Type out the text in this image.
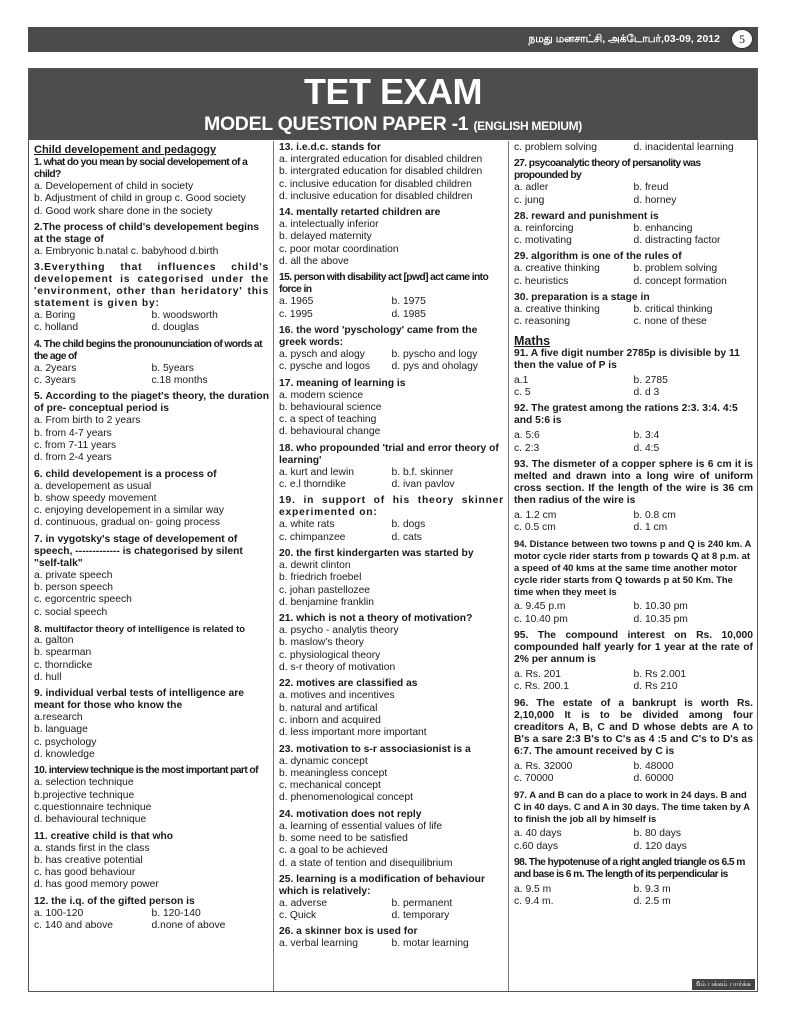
நமது மனசாட்சி, அக்டோபர்,03-09, 2012	5
TET EXAM
MODEL QUESTION PAPER -1 (ENGLISH MEDIUM)
Child developement and pedagogy
1. what do you mean by social developement of a child?
a. Developement of child in society
b. Adjustment of child in group c. Good society
d. Good work share done in the society
2.The process of child's developement begins at the stage of
a. Embryonic b.natal c. babyhood d.birth
3.Everything that influences child's developement is categorised under the 'environment, other than heridatory' this statement is given by:
a. Boring	b. woodsworth
c. holland	d. douglas
4. The child begins the pronoununciation of words at the age of
a. 2years	b. 5years
c. 3years	c.18 months
5. According to the piaget's theory, the duration of pre- conceptual period is
a. From birth to 2 years
b. from 4-7 years
c. from 7-11 years
d. from 2-4 years
6. child developement is a process of
a. developement as usual
b. show speedy movement
c. enjoying developement in a similar way
d. continuous, gradual on- going process
7. in vygotsky's stage of developement of speech, ------------- is chategorised by silent "self-talk"
a. private speech
b. person speech
c. egorcentric speech
c. social speech
8. multifactor theory of intelligence is related to
a. galton
b. spearman
c. thorndicke
d. hull
9. individual verbal tests of intelligence are meant for those who know the
a.research
b. language
c. psychology
d. knowledge
10. interview technique is the most important part of
a. selection technique
b.projective technique
c.questionnaire technique
d. behavioural technique
11. creative child is that who
a. stands first in the class
b. has creative potential
c. has good behaviour
d. has good memory power
12. the i.q. of the gifted person is
a. 100-120	b. 120-140
c. 140 and above	d.none of above
13. i.e.d.c. stands for
a. intergrated education for disabled children
b. intergrated education for disabled children
c. inclusive education for disabled children
d. inclusive education for disabled children
14. mentally retarted children are
a. intelectually inferior
b. delayed maternity
c. poor motar coordination
d. all the above
15. person with disability act [pwd] act came into force in
a. 1965	b. 1975
c. 1995	d. 1985
16. the word 'pyschology' came from the greek words:
a. pysch and alogy	b. pyscho and logy
c. pysche and logos	d. pys and oholagy
17. meaning of learning is
a. modern science
b. behavioural science
c. a spect of teaching
d. behavioural change
18. who propounded 'trial and error theory of learning'
a. kurt and lewin	b. b.f. skinner
c. e.l thorndike	d. ivan pavlov
19. in support of his theory skinner experimented on:
a. white rats	b. dogs
c. chimpanzee	d. cats
20. the first kindergarten was started by
a. dewrit clinton
b. friedrich froebel
c. johan pastellozee
d. benjamine franklin
21. which is not a theory of motivation?
a. psycho - analytis theory
b. maslow's theory
c. physiological theory
d. s-r theory of motivation
22. motives are classified as
a. motives and incentives
b. natural and artifical
c. inborn and acquired
d. less important more important
23. motivation to s-r associasionist is a
a. dynamic concept
b. meaningless concept
c. mechanical concept
d. phenomenological concept
24. motivation does not reply
a. learning of essential values of life
b. some need to be satisfied
c. a goal to be achieved
d. a state of tention and disequilibrium
25. learning is a modification of behaviour which is relatively:
a. adverse	b. permanent
c. Quick	d. temporary
26. a skinner box is used for
a. verbal learning	b. motar learning
c. problem solving	d. inacidental learning
27. psycoanalytic theory of persanolity was propounded by
a. adler	b. freud
c. jung	d. horney
28. reward and punishment is
a. reinforcing	b. enhancing
c. motivating	d. distracting factor
29. algorithm is one of the rules of
a. creative thinking	b. problem solving
c. heuristics	d. concept formation
30. preparation is a stage in
a. creative thinking	b. critical thinking
c. reasoning	c. none of these
Maths
91. A five digit number 2785p is divisible by 11 then the value of P is
a.1	b. 2785
c. 5	d. d 3
92. The gratest among the rations 2:3. 3:4. 4:5 and 5:6 is
a. 5:6	b. 3:4
c. 2:3	d. 4:5
93. The dismeter of a copper sphere is 6 cm it is melted and drawn into a long wire of uniform cross section. If the length of the wire is 36 cm then radius of the wire is
a. 1.2 cm	b. 0.8 cm
c. 0.5 cm	d. 1 cm
94. Distance between two towns p and Q is 240 km. A motor cycle rider starts from p towards Q at 8 p.m. at a speed of 40 kms at the same time another motor cycle rider starts from Q towards p at 50 Km. The time when they meet is
a. 9.45 p.m	b. 10.30 pm
c. 10.40 pm	d. 10.35 pm
95. The compound interest on Rs. 10,000 compounded half yearly for 1 year at the rate of 2% per annum is
a. Rs. 201	b. Rs 2.001
c. Rs. 200.1	d. Rs 210
96. The estate of a bankrupt is worth Rs. 2,10,000 It is to be divided among four creaditors A, B, C and D whose debts are A to B's a sare 2:3 B's to C's as 4 :5 and C's to D's as 6:7. The amount received by C is
a. Rs. 32000	b. 48000
c. 70000	d. 60000
97. A and B can do a place to work in 24 days. B and C in 40 days. C and A in 30 days. The time taken by A to finish the job all by himself is
a. 40 days	b. 80 days
c.60 days	d. 120 days
98. The hypotenuse of a right angled triangle os 6.5 m and base is 6 m. The length of its perpendicular is
a. 9.5 m	b. 9.3 m
c. 9.4 m.	d. 2.5 m
6ம் பக்கம் பார்க்க
